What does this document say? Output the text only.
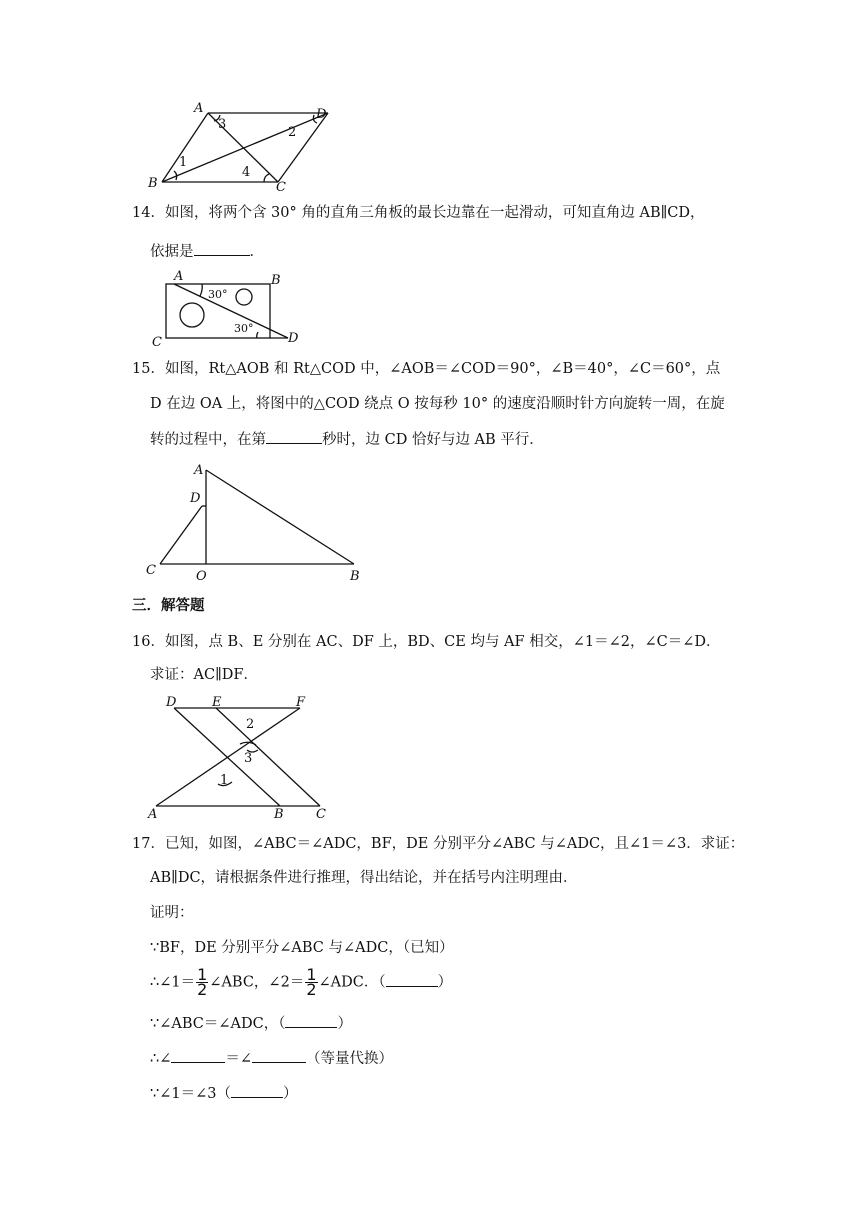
A	D
B	C
1
2
3
4
14．如图，将两个含 30° 角的直角三角板的最长边靠在一起滑动，可知直角边 AB∥CD，
依据是	．
A	B
C	D
30°
30°
15．如图，Rt△AOB 和 Rt△COD 中，∠AOB＝∠COD＝90°，∠B＝40°，∠C＝60°，点
D 在边 OA 上，将图中的△COD 绕点 O 按每秒 10° 的速度沿顺时针方向旋转一周，在旋
转的过程中，在第	秒时，边 CD 恰好与边 AB 平行．
A
D
C	O	B
三．解答题
16．如图，点 B、E 分别在 AC、DF 上，BD、CE 均与 AF 相交，∠1＝∠2，∠C＝∠D．
求证：AC∥DF．
D	E	F
A	B C
1
2
3
17．已知，如图，∠ABC＝∠ADC，BF，DE 分别平分∠ABC 与∠ADC，且∠1＝∠3．求证：
AB∥DC，请根据条件进行推理，得出结论，并在括号内注明理由．
证明：
∵BF，DE 分别平分∠ABC 与∠ADC，（已知）
∴∠1＝ $\frac{1}{2}$ ∠ABC，∠2＝ $\frac{1}{2}$ ∠ADC．（	）
∵∠ABC＝∠ADC，（	）
∴∠	＝∠	（等量代换）
∵∠1＝∠3（	）
